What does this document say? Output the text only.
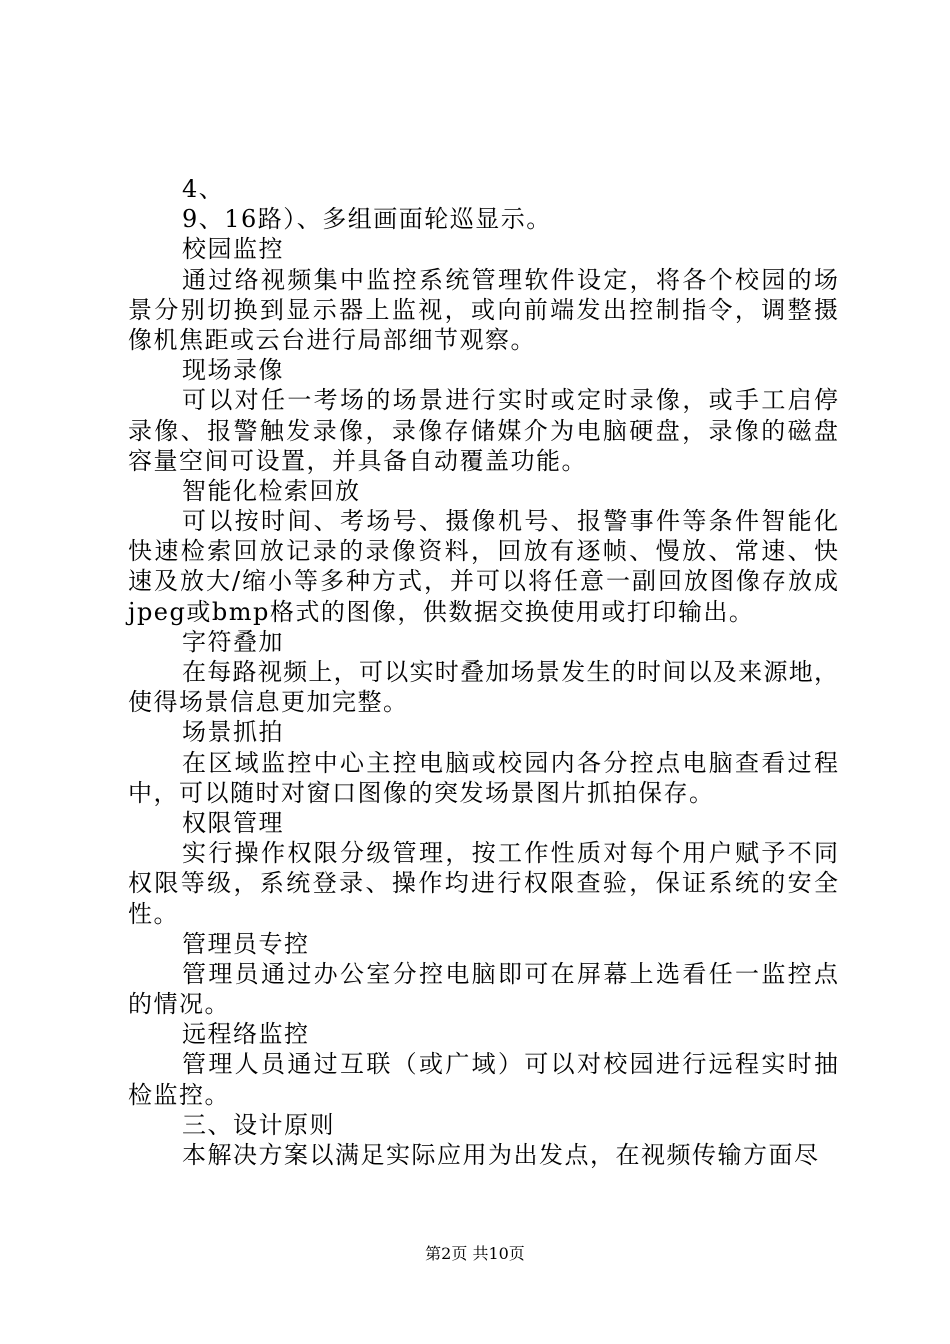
4、
9、16路）、多组画面轮巡显示。
校园监控
通过络视频集中监控系统管理软件设定，将各个校园的场
景分别切换到显示器上监视，或向前端发出控制指令，调整摄
像机焦距或云台进行局部细节观察。
现场录像
可以对任一考场的场景进行实时或定时录像，或手工启停
录像、报警触发录像，录像存储媒介为电脑硬盘，录像的磁盘
容量空间可设置，并具备自动覆盖功能。
智能化检索回放
可以按时间、考场号、摄像机号、报警事件等条件智能化
快速检索回放记录的录像资料，回放有逐帧、慢放、常速、快
速及放大/缩小等多种方式，并可以将任意一副回放图像存放成
jpeg或bmp格式的图像，供数据交换使用或打印输出。
字符叠加
在每路视频上，可以实时叠加场景发生的时间以及来源地，
使得场景信息更加完整。
场景抓拍
在区域监控中心主控电脑或校园内各分控点电脑查看过程
中，可以随时对窗口图像的突发场景图片抓拍保存。
权限管理
实行操作权限分级管理，按工作性质对每个用户赋予不同
权限等级，系统登录、操作均进行权限查验，保证系统的安全
性。
管理员专控
管理员通过办公室分控电脑即可在屏幕上选看任一监控点
的情况。
远程络监控
管理人员通过互联（或广域）可以对校园进行远程实时抽
检监控。
三、设计原则
本解决方案以满足实际应用为出发点，在视频传输方面尽
第2页 共10页
